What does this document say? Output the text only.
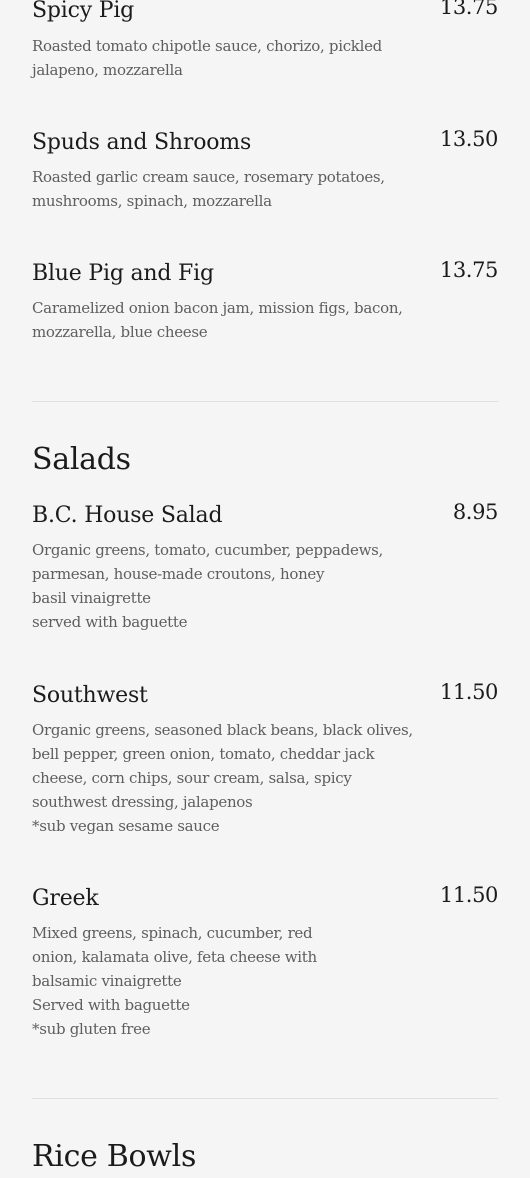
Spicy Pig	13.75
Roasted tomato chipotle sauce, chorizo, pickled
jalapeno, mozzarella
Spuds and Shrooms	13.50
Roasted garlic cream sauce, rosemary potatoes,
mushrooms, spinach, mozzarella
Blue Pig and Fig	13.75
Caramelized onion bacon jam, mission figs, bacon,
mozzarella, blue cheese
Salads
B.C. House Salad	8.95
Organic greens, tomato, cucumber, peppadews,
parmesan, house-made croutons, honey
basil vinaigrette
served with baguette
Southwest	11.50
Organic greens, seasoned black beans, black olives,
bell pepper, green onion, tomato, cheddar jack
cheese, corn chips, sour cream, salsa, spicy
southwest dressing, jalapenos
*sub vegan sesame sauce
Greek	11.50
Mixed greens, spinach, cucumber, red
onion, kalamata olive, feta cheese with
balsamic vinaigrette
Served with baguette
*sub gluten free
Rice Bowls
